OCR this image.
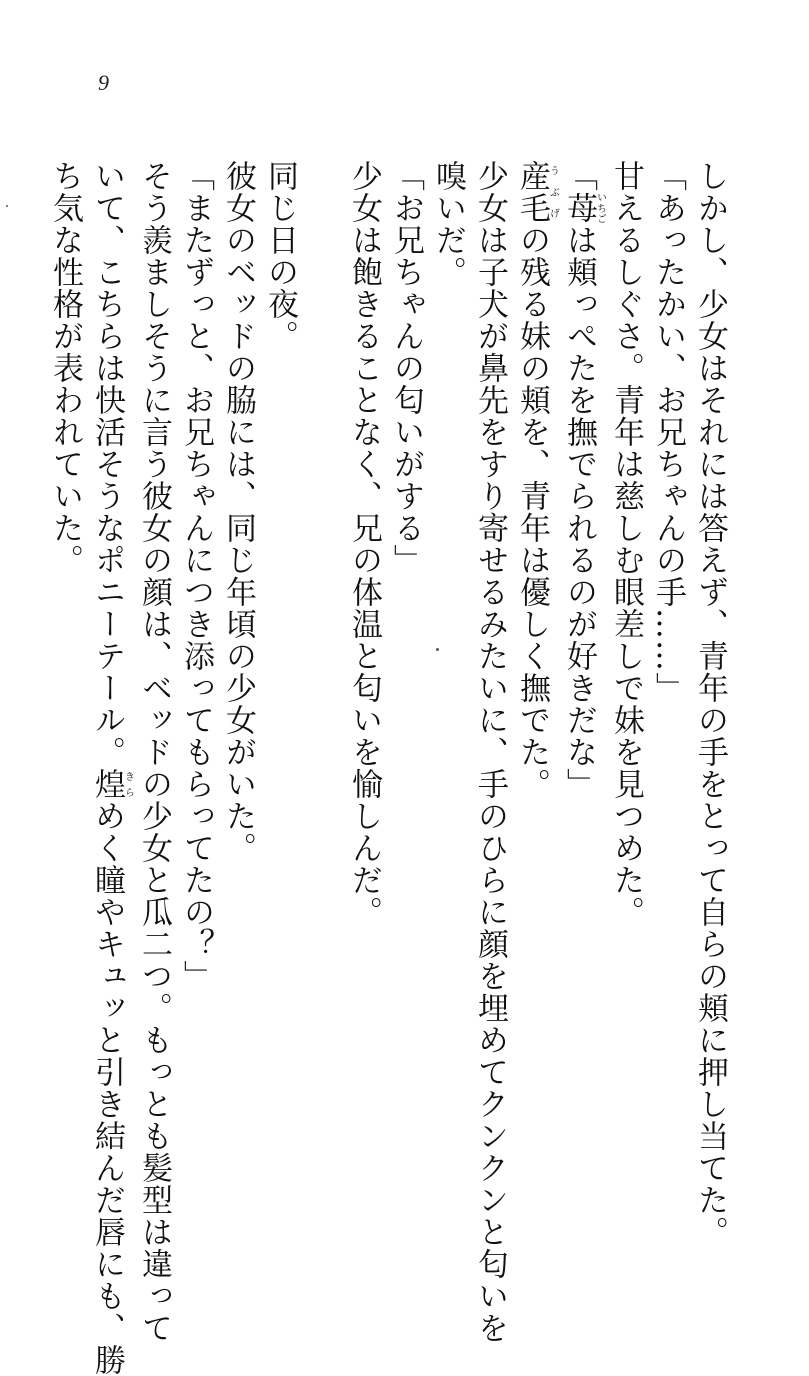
9
しかし、少女はそれには答えず、青年の手をとって自らの頬に押し当てた。
「あったかい、お兄ちゃんの手……」
甘えるしぐさ。青年は慈しむ眼差しで妹を見つめた。
「苺いちごは頬っぺたを撫でられるのが好きだな」
産毛うぶげの残る妹の頬を、青年は優しく撫でた。
少女は子犬が鼻先をすり寄せるみたいに、手のひらに顔を埋めてクンクンと匂いを
嗅いだ。
「お兄ちゃんの匂いがする」
少女は飽きることなく、兄の体温と匂いを愉しんだ。
同じ日の夜。
彼女のベッドの脇には、同じ年頃の少女がいた。
「またずっと、お兄ちゃんにつき添ってもらってたの？」
そう羨ましそうに言う彼女の顔は、ベッドの少女と瓜二つ。もっとも髪型は違って
いて、こちらは快活そうなポニーテール。煌きらめく瞳やキュッと引き結んだ唇にも、勝
ち気な性格が表われていた。
